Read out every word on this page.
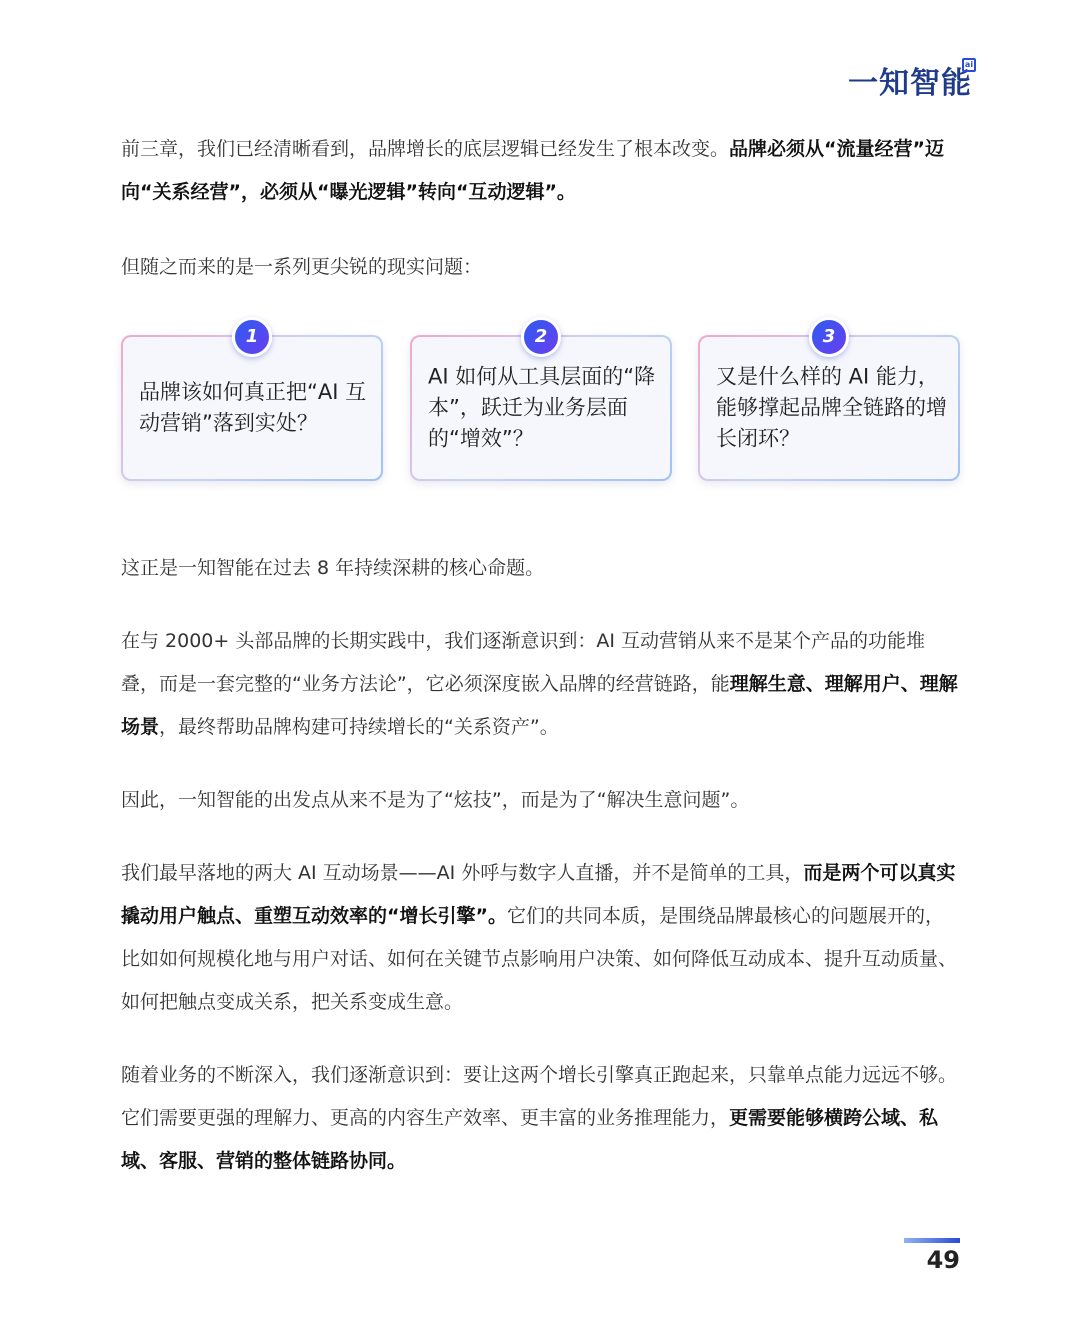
一知智能
ai

前三章，我们已经清晰看到，品牌增长的底层逻辑已经发生了根本改变。品牌必须从“流量经营”迈向“关系经营”，必须从“曝光逻辑”转向“互动逻辑”。

但随之而来的是一系列更尖锐的现实问题：

1
品牌该如何真正把“AI 互动营销”落到实处？
2
AI 如何从工具层面的“降本”，跃迁为业务层面的“增效”？
3
又是什么样的 AI 能力，能够撑起品牌全链路的增长闭环？

这正是一知智能在过去 8 年持续深耕的核心命题。

在与 2000+ 头部品牌的长期实践中，我们逐渐意识到：AI 互动营销从来不是某个产品的功能堆叠，而是一套完整的“业务方法论”，它必须深度嵌入品牌的经营链路，能理解生意、理解用户、理解场景，最终帮助品牌构建可持续增长的“关系资产”。

因此，一知智能的出发点从来不是为了“炫技”，而是为了“解决生意问题”。

我们最早落地的两大 AI 互动场景——AI 外呼与数字人直播，并不是简单的工具，而是两个可以真实撬动用户触点、重塑互动效率的“增长引擎”。它们的共同本质，是围绕品牌最核心的问题展开的，比如如何规模化地与用户对话、如何在关键节点影响用户决策、如何降低互动成本、提升互动质量、如何把触点变成关系，把关系变成生意。

随着业务的不断深入，我们逐渐意识到：要让这两个增长引擎真正跑起来，只靠单点能力远远不够。它们需要更强的理解力、更高的内容生产效率、更丰富的业务推理能力，更需要能够横跨公域、私域、客服、营销的整体链路协同。

49
